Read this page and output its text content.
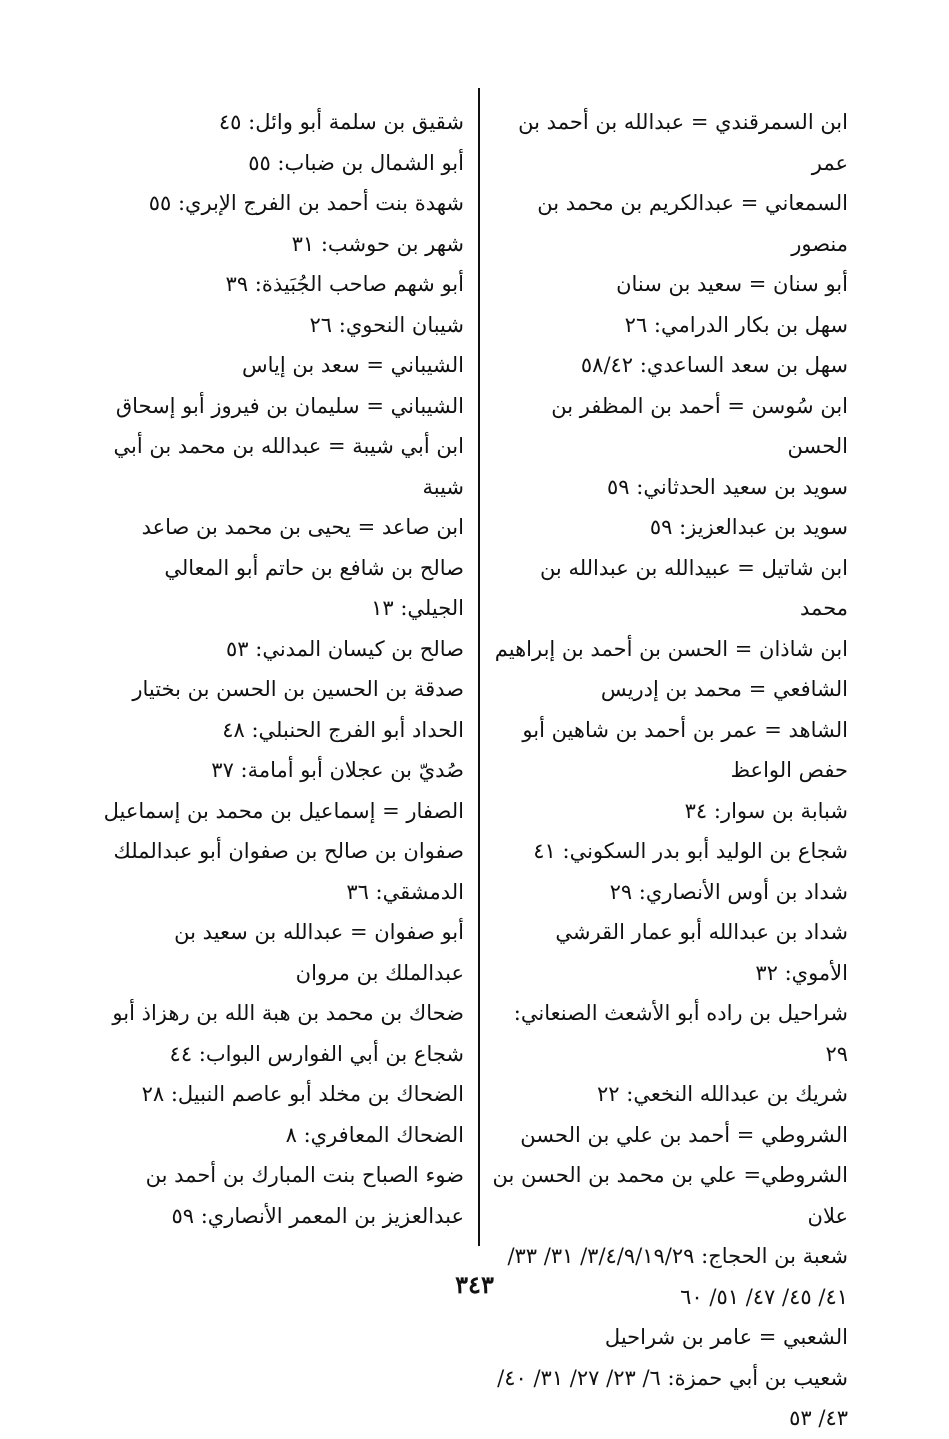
ابن السمرقندي = عبدالله بن أحمد بن عمر

السمعاني = عبدالكريم بن محمد بن منصور

أبو سنان = سعيد بن سنان

سهل بن بكار الدرامي: ٢٦

سهل بن سعد الساعدي: ٥٨/٤٢

ابن سُوسن = أحمد بن المظفر بن الحسن

سويد بن سعيد الحدثاني: ٥٩

سويد بن عبدالعزيز: ٥٩

ابن شاتيل = عبيدالله بن عبدالله بن محمد

ابن شاذان = الحسن بن أحمد بن إبراهيم

الشافعي = محمد بن إدريس

الشاهد = عمر بن أحمد بن شاهين أبو حفص الواعظ

شبابة بن سوار: ٣٤

شجاع بن الوليد أبو بدر السكوني: ٤١

شداد بن أوس الأنصاري: ٢٩

شداد بن عبدالله أبو عمار القرشي الأموي: ٣٢

شراحيل بن راده أبو الأشعث الصنعاني: ٢٩

شريك بن عبدالله النخعي: ٢٢

الشروطي = أحمد بن علي بن الحسن

الشروطي= علي بن محمد بن الحسن بن علان

شعبة بن الحجاج: ٣/٤/٩/١٩/٢٩/ ٣١/ ٣٣/ ٤١/ ٤٥/ ٤٧/ ٥١/ ٦٠

الشعبي = عامر بن شراحيل

شعيب بن أبي حمزة: ٦/ ٢٣/ ٢٧/ ٣١/ ٤٠/ ٤٣/ ٥٣

شقيق بن سلمة أبو وائل: ٤٥

أبو الشمال بن ضباب: ٥٥

شهدة بنت أحمد بن الفرج الإبري: ٥٥

شهر بن حوشب: ٣١

أبو شهم صاحب الجُبَيذة: ٣٩

شيبان النحوي: ٢٦

الشيباني = سعد بن إياس

الشيباني = سليمان بن فيروز أبو إسحاق

ابن أبي شيبة = عبدالله بن محمد بن أبي شيبة

ابن صاعد = يحيى بن محمد بن صاعد

صالح بن شافع بن حاتم أبو المعالي الجيلي: ١٣

صالح بن كيسان المدني: ٥٣

صدقة بن الحسين بن الحسن بن بختيار الحداد أبو الفرج الحنبلي: ٤٨

صُديّ بن عجلان أبو أمامة: ٣٧

الصفار = إسماعيل بن محمد بن إسماعيل

صفوان بن صالح بن صفوان أبو عبدالملك الدمشقي: ٣٦

أبو صفوان = عبدالله بن سعيد بن عبدالملك بن مروان

ضحاك بن محمد بن هبة الله بن رهزاذ أبو شجاع بن أبي الفوارس البواب: ٤٤

الضحاك بن مخلد أبو عاصم النبيل: ٢٨

الضحاك المعافري: ٨

ضوء الصباح بنت المبارك بن أحمد بن عبدالعزيز بن المعمر الأنصاري: ٥٩

٣٤٣
